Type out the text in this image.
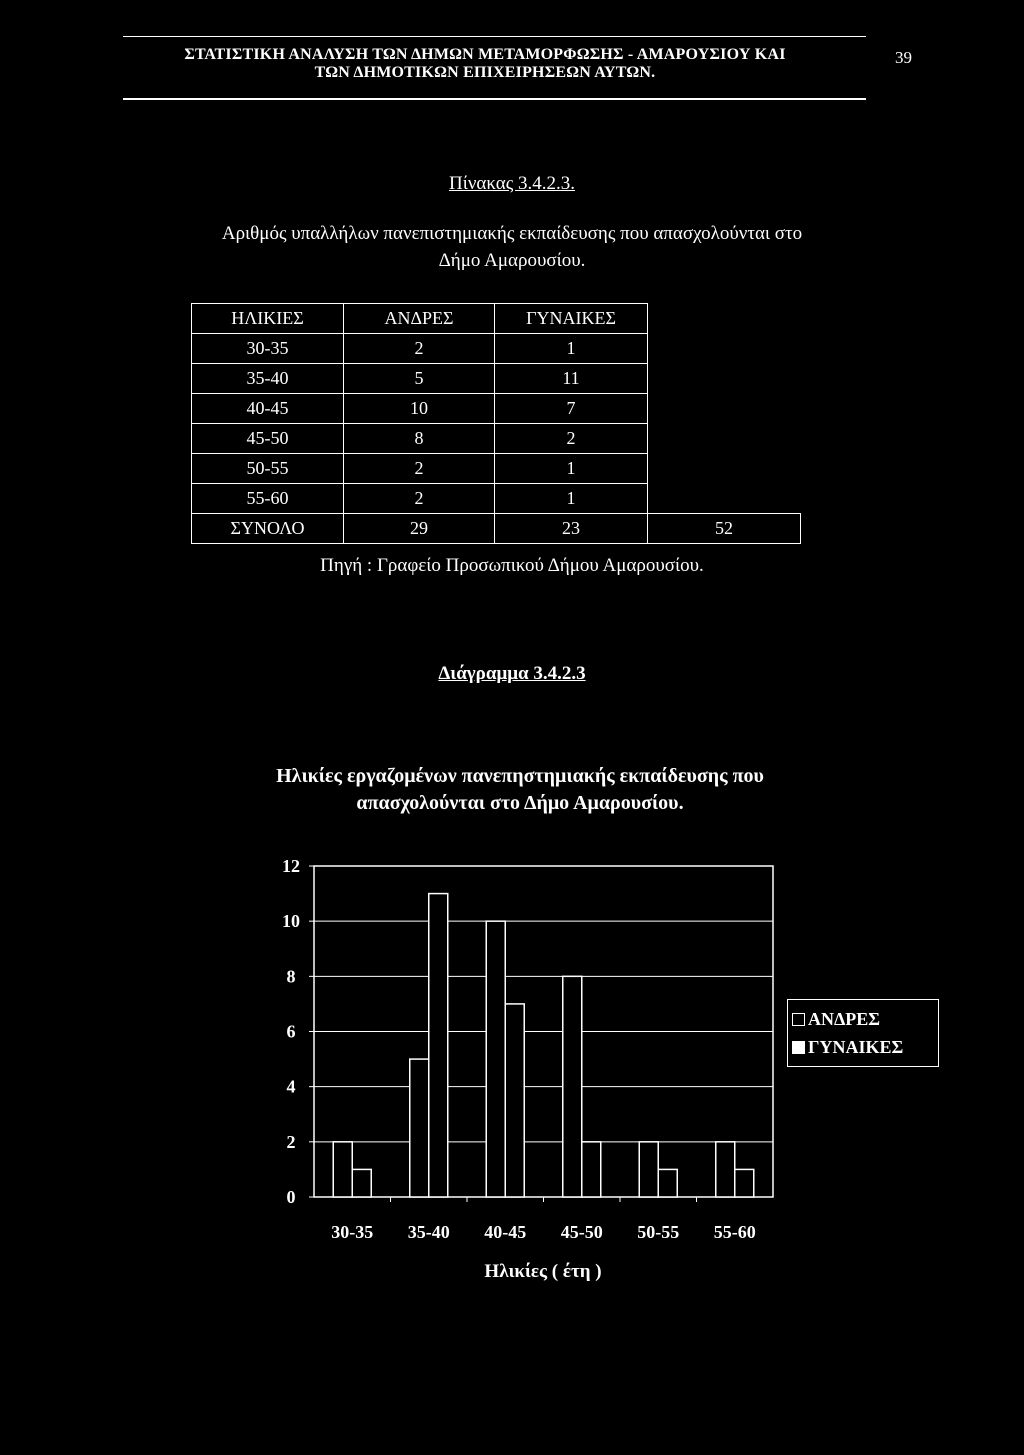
ΣΤΑΤΙΣΤΙΚΗ ΑΝΑΛΥΣΗ ΤΩΝ ΔΗΜΩΝ ΜΕΤΑΜΟΡΦΩΣΗΣ - ΑΜΑΡΟΥΣΙΟΥ ΚΑΙ
ΤΩΝ ΔΗΜΟΤΙΚΩΝ ΕΠΙΧΕΙΡΗΣΕΩΝ ΑΥΤΩΝ.
39
Πίνακας 3.4.2.3.
Αριθμός υπαλλήλων πανεπιστημιακής εκπαίδευσης που απασχολούνται στο
Δήμο Αμαρουσίου.
ΗΛΙΚΙΕΣ	ΑΝΔΡΕΣ	ΓΥΝΑΙΚΕΣ	
30-35	2	1	
35-40	5	11	
40-45	10	7	
45-50	8	2	
50-55	2	1	
55-60	2	1	
ΣΥΝΟΛΟ	29	23	52
Πηγή : Γραφείο Προσωπικού Δήμου Αμαρουσίου.
Διάγραμμα 3.4.2.3
Ηλικίες εργαζομένων πανεπηστημιακής εκπαίδευσης που
απασχολούνται στο Δήμο Αμαρουσίου.
0
2
4
6
8
10
12
30-35 35-40 40-45 45-50 50-55 55-60
Ηλικίες ( έτη )
ΑΝΔΡΕΣ
ΓΥΝΑΙΚΕΣ
